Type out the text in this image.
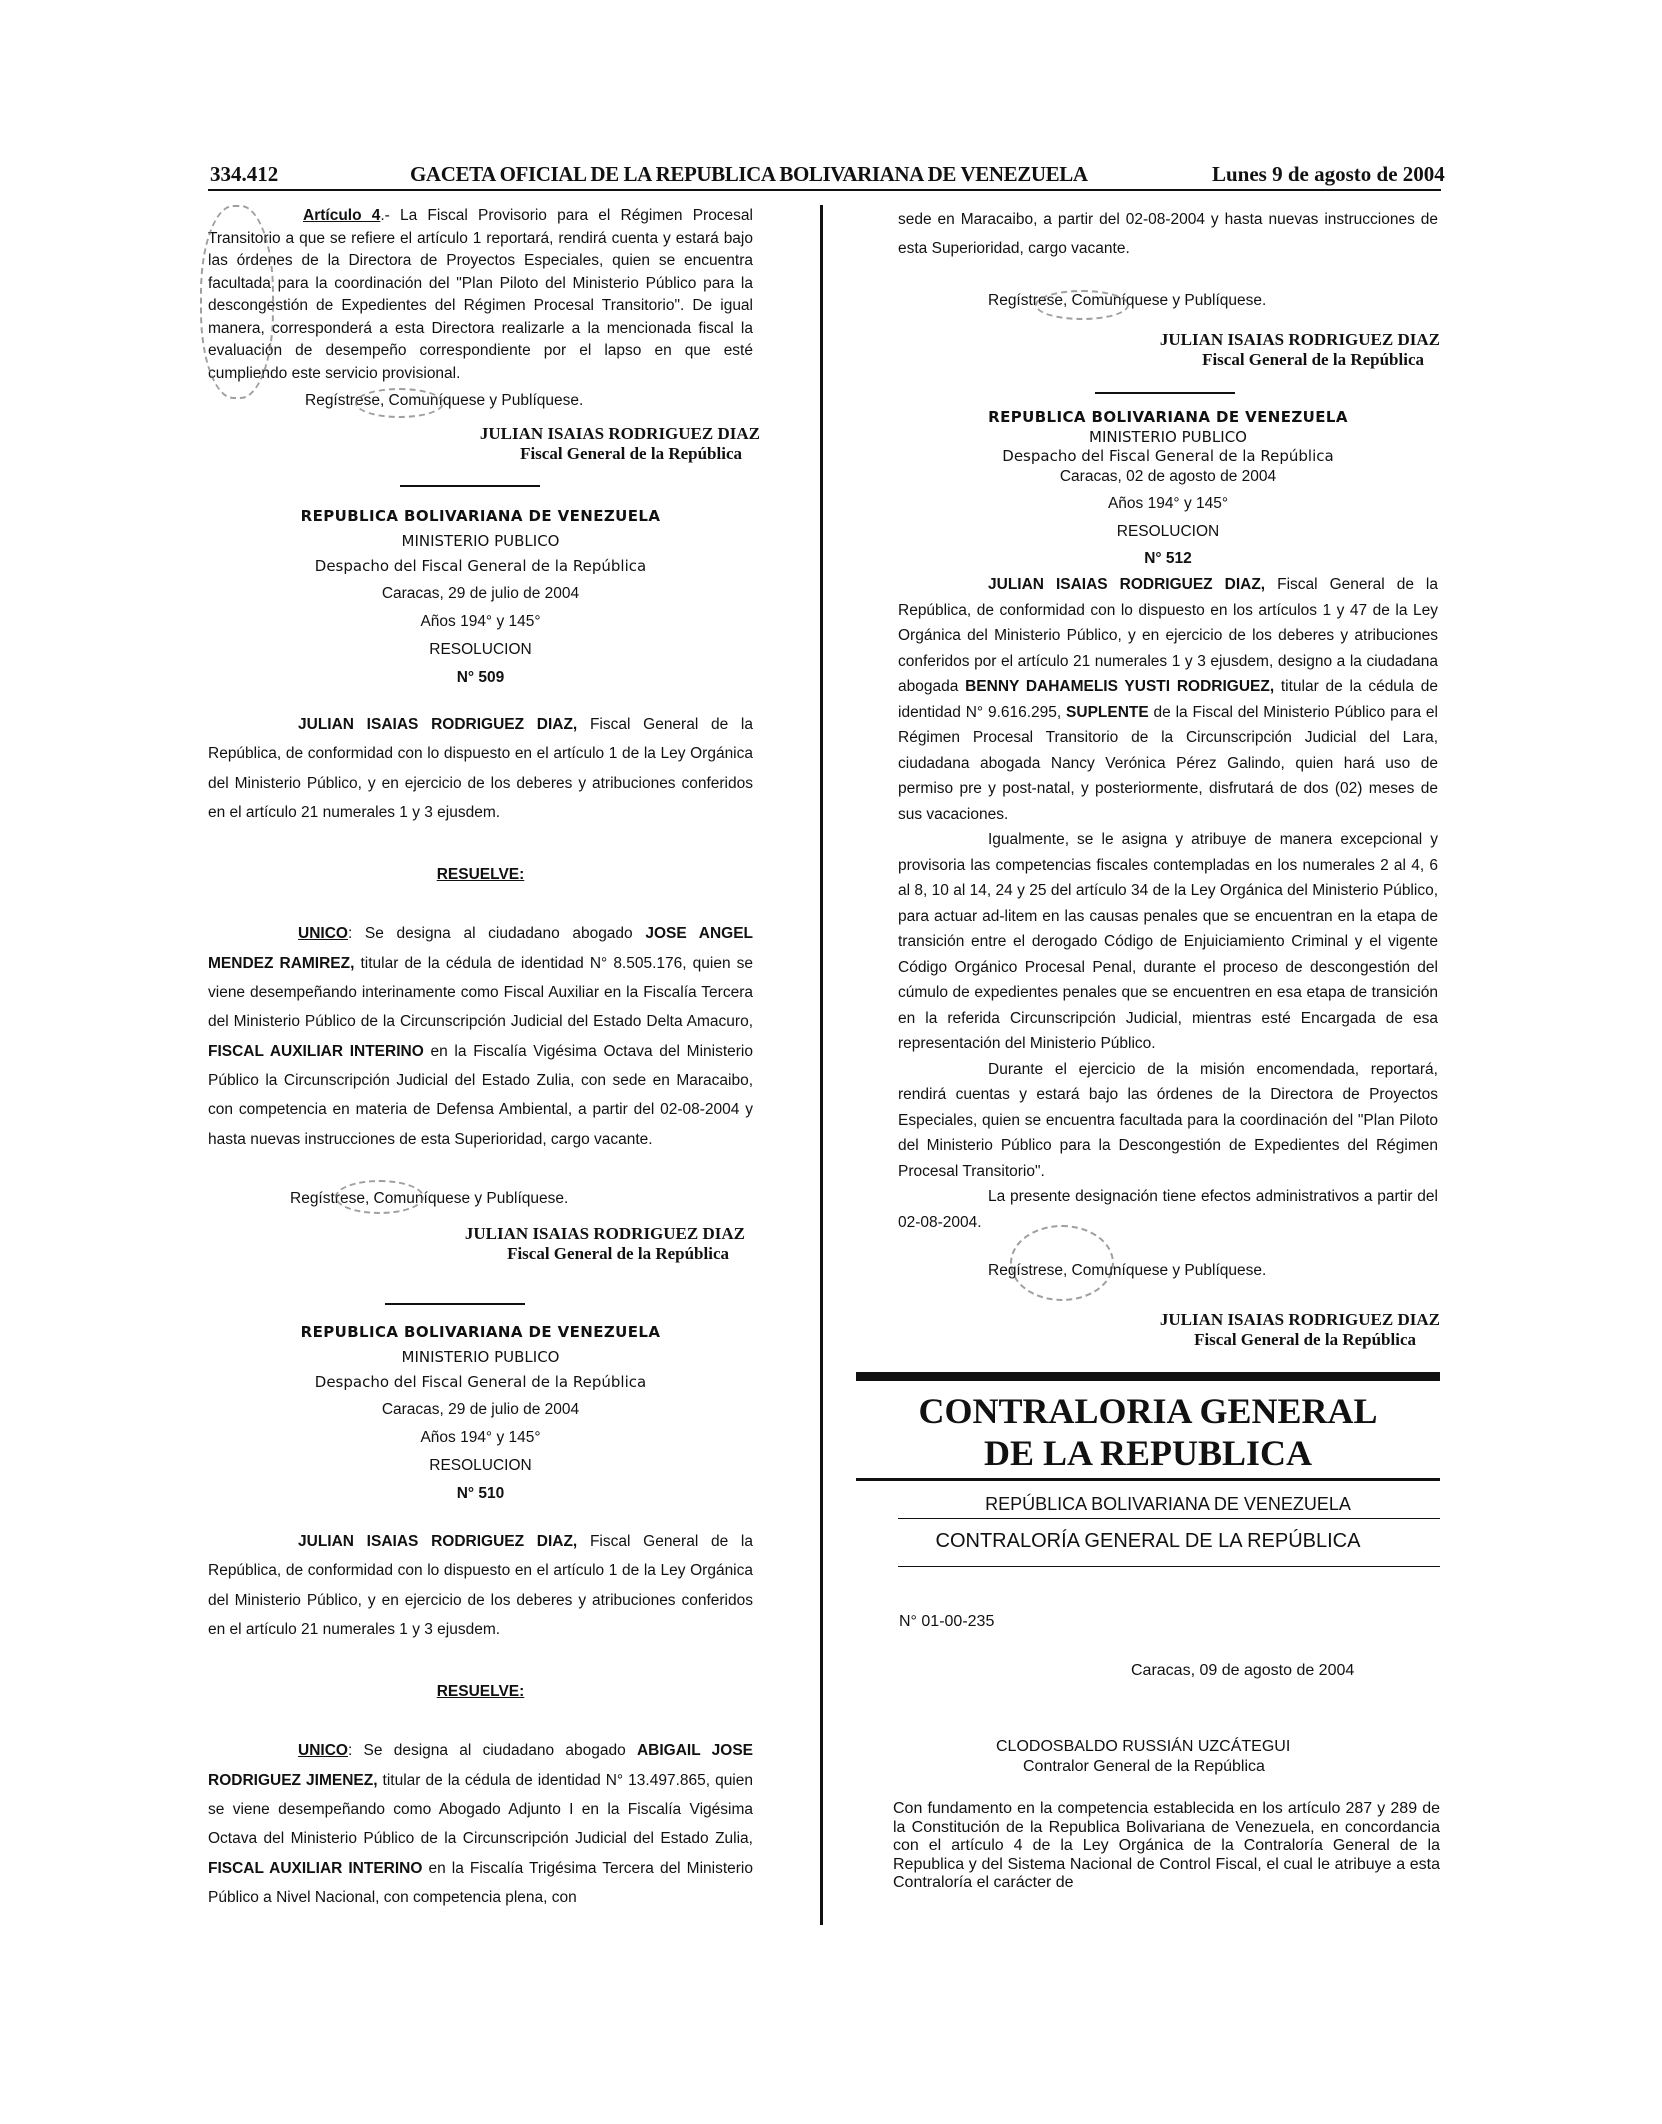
334.412	GACETA OFICIAL DE LA REPUBLICA BOLIVARIANA DE VENEZUELA	Lunes 9 de agosto de 2004

Artículo 4.- La Fiscal Provisorio para el Régimen Procesal Transitorio a que se refiere el artículo 1 reportará, rendirá cuenta y estará bajo las órdenes de la Directora de Proyectos Especiales, quien se encuentra facultada para la coordinación del "Plan Piloto del Ministerio Público para la descongestión de Expedientes del Régimen Procesal Transitorio". De igual manera, corresponderá a esta Directora realizarle a la mencionada fiscal la evaluación de desempeño correspondiente por el lapso en que esté cumpliendo este servicio provisional.

Regístrese, Comuníquese y Publíquese.
JULIAN ISAIAS RODRIGUEZ DIAZ
Fiscal General de la República
REPUBLICA BOLIVARIANA DE VENEZUELA
MINISTERIO PUBLICO
Despacho del Fiscal General de la República
Caracas, 29 de julio de 2004
Años 194° y 145°
RESOLUCION
N° 509

JULIAN ISAIAS RODRIGUEZ DIAZ, Fiscal General de la República, de conformidad con lo dispuesto en el artículo 1 de la Ley Orgánica del Ministerio Público, y en ejercicio de los deberes y atribuciones conferidos en el artículo 21 numerales 1 y 3 ejusdem.

RESUELVE:

UNICO: Se designa al ciudadano abogado JOSE ANGEL MENDEZ RAMIREZ, titular de la cédula de identidad N° 8.505.176, quien se viene desempeñando interinamente como Fiscal Auxiliar en la Fiscalía Tercera del Ministerio Público de la Circunscripción Judicial del Estado Delta Amacuro, FISCAL AUXILIAR INTERINO en la Fiscalía Vigésima Octava del Ministerio Público la Circunscripción Judicial del Estado Zulia, con sede en Maracaibo, con competencia en materia de Defensa Ambiental, a partir del 02-08-2004 y hasta nuevas instrucciones de esta Superioridad, cargo vacante.

Regístrese, Comuníquese y Publíquese.
JULIAN ISAIAS RODRIGUEZ DIAZ
Fiscal General de la República
REPUBLICA BOLIVARIANA DE VENEZUELA
MINISTERIO PUBLICO
Despacho del Fiscal General de la República
Caracas, 29 de julio de 2004
Años 194° y 145°
RESOLUCION
N° 510

JULIAN ISAIAS RODRIGUEZ DIAZ, Fiscal General de la República, de conformidad con lo dispuesto en el artículo 1 de la Ley Orgánica del Ministerio Público, y en ejercicio de los deberes y atribuciones conferidos en el artículo 21 numerales 1 y 3 ejusdem.

RESUELVE:

UNICO: Se designa al ciudadano abogado ABIGAIL JOSE RODRIGUEZ JIMENEZ, titular de la cédula de identidad N° 13.497.865, quien se viene desempeñando como Abogado Adjunto I en la Fiscalía Vigésima Octava del Ministerio Público de la Circunscripción Judicial del Estado Zulia, FISCAL AUXILIAR INTERINO en la Fiscalía Trigésima Tercera del Ministerio Público a Nivel Nacional, con competencia plena, con

sede en Maracaibo, a partir del 02-08-2004 y hasta nuevas instrucciones de esta Superioridad, cargo vacante.

Regístrese, Comuníquese y Publíquese.
JULIAN ISAIAS RODRIGUEZ DIAZ
Fiscal General de la República
REPUBLICA BOLIVARIANA DE VENEZUELA
MINISTERIO PUBLICO
Despacho del Fiscal General de la República
Caracas, 02 de agosto de 2004
Años 194° y 145°
RESOLUCION
N° 512

JULIAN ISAIAS RODRIGUEZ DIAZ, Fiscal General de la República, de conformidad con lo dispuesto en los artículos 1 y 47 de la Ley Orgánica del Ministerio Público, y en ejercicio de los deberes y atribuciones conferidos por el artículo 21 numerales 1 y 3 ejusdem, designo a la ciudadana abogada BENNY DAHAMELIS YUSTI RODRIGUEZ, titular de la cédula de identidad N° 9.616.295, SUPLENTE de la Fiscal del Ministerio Público para el Régimen Procesal Transitorio de la Circunscripción Judicial del Lara, ciudadana abogada Nancy Verónica Pérez Galindo, quien hará uso de permiso pre y post-natal, y posteriormente, disfrutará de dos (02) meses de sus vacaciones.

Igualmente, se le asigna y atribuye de manera excepcional y provisoria las competencias fiscales contempladas en los numerales 2 al 4, 6 al 8, 10 al 14, 24 y 25 del artículo 34 de la Ley Orgánica del Ministerio Público, para actuar ad-litem en las causas penales que se encuentran en la etapa de transición entre el derogado Código de Enjuiciamiento Criminal y el vigente Código Orgánico Procesal Penal, durante el proceso de descongestión del cúmulo de expedientes penales que se encuentren en esa etapa de transición en la referida Circunscripción Judicial, mientras esté Encargada de esa representación del Ministerio Público.

Durante el ejercicio de la misión encomendada, reportará, rendirá cuentas y estará bajo las órdenes de la Directora de Proyectos Especiales, quien se encuentra facultada para la coordinación del "Plan Piloto del Ministerio Público para la Descongestión de Expedientes del Régimen Procesal Transitorio".

La presente designación tiene efectos administrativos a partir del 02-08-2004.

Regístrese, Comuníquese y Publíquese.
JULIAN ISAIAS RODRIGUEZ DIAZ
Fiscal General de la República
CONTRALORIA GENERAL
DE LA REPUBLICA
REPÚBLICA BOLIVARIANA DE VENEZUELA
CONTRALORÍA GENERAL DE LA REPÚBLICA
N° 01-00-235
Caracas, 09 de agosto de 2004
CLODOSBALDO RUSSIÁN UZCÁTEGUI
Contralor General de la República
Con fundamento en la competencia establecida en los artículo 287 y 289 de la Constitución de la Republica Bolivariana de Venezuela, en concordancia con el artículo 4 de la Ley Orgánica de la Contraloría General de la Republica y del Sistema Nacional de Control Fiscal, el cual le atribuye a esta Contraloría el carácter de
